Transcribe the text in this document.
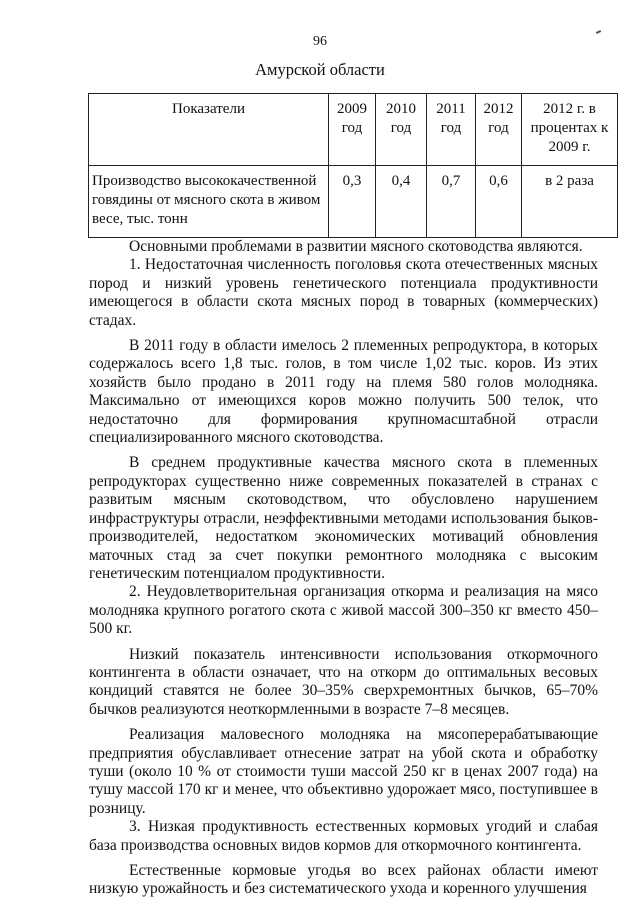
96
Амурской области
Показатели	2009 год	2010 год	2011 год	2012 год	2012 г. в процентах к 2009 г.
Производство высококачественной говядины от мясного скота в живом весе, тыс. тонн	0,3	0,4	0,7	0,6	в 2 раза

Основными проблемами в развитии мясного скотоводства являются.

1. Недостаточная численность поголовья скота отечественных мясных пород и низкий уровень генетического потенциала продуктивности имеющегося в области скота мясных пород в товарных (коммерческих) стадах.

В 2011 году в области имелось 2 племенных репродуктора, в которых содержалось всего 1,8 тыс. голов, в том числе 1,02 тыс. коров. Из этих хозяйств было продано в 2011 году на племя 580 голов молодняка. Максимально от имеющихся коров можно получить 500 телок, что недостаточно для формирования крупномасштабной отрасли специализированного мясного скотоводства.

В среднем продуктивные качества мясного скота в племенных репродукторах существенно ниже современных показателей в странах с развитым мясным скотоводством, что обусловлено нарушением инфраструктуры отрасли, неэффективными методами использования быков-производителей, недостатком экономических мотиваций обновления маточных стад за счет покупки ремонтного молодняка с высоким генетическим потенциалом продуктивности.

2. Неудовлетворительная организация откорма и реализация на мясо молодняка крупного рогатого скота с живой массой 300–350 кг вместо 450–500 кг.

Низкий показатель интенсивности использования откормочного контингента в области означает, что на откорм до оптимальных весовых кондиций ставятся не более 30–35% сверхремонтных бычков, 65–70% бычков реализуются неоткормленными в возрасте 7–8 месяцев.

Реализация маловесного молодняка на мясоперерабатывающие предприятия обуславливает отнесение затрат на убой скота и обработку туши (около 10 % от стоимости туши массой 250 кг в ценах 2007 года) на тушу массой 170 кг и менее, что объективно удорожает мясо, поступившее в розницу.

3. Низкая продуктивность естественных кормовых угодий и слабая база производства основных видов кормов для откормочного контингента.

Естественные кормовые угодья во всех районах области имеют низкую урожайность и без систематического ухода и коренного улучшения
